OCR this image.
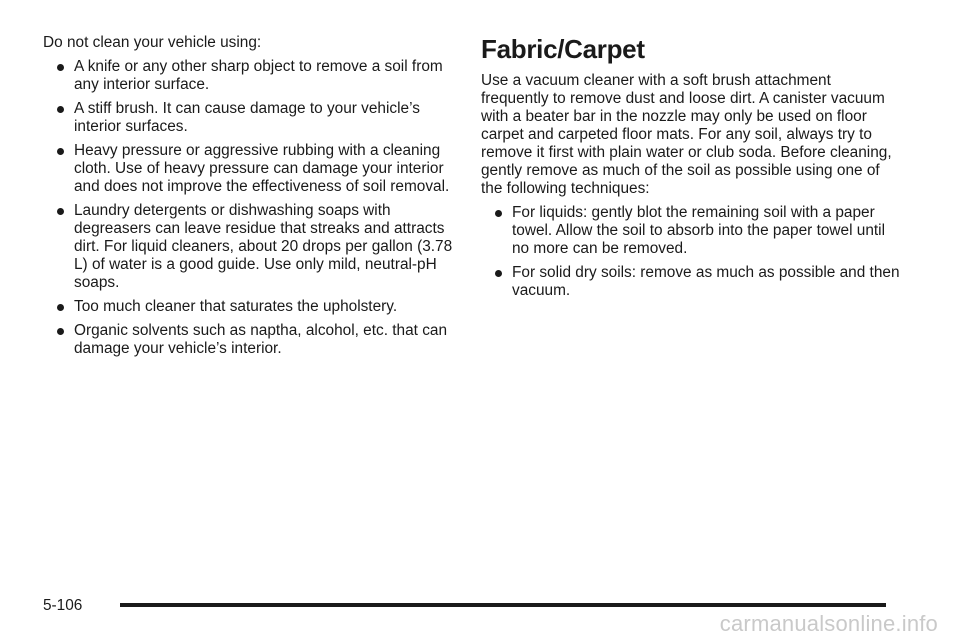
Do not clean your vehicle using:

A knife or any other sharp object to remove a soil from any interior surface.
A stiff brush. It can cause damage to your vehicle’s interior surfaces.
Heavy pressure or aggressive rubbing with a cleaning cloth. Use of heavy pressure can damage your interior and does not improve the effectiveness of soil removal.
Laundry detergents or dishwashing soaps with degreasers can leave residue that streaks and attracts dirt. For liquid cleaners, about 20 drops per gallon (3.78 L) of water is a good guide. Use only mild, neutral-pH soaps.
Too much cleaner that saturates the upholstery.
Organic solvents such as naptha, alcohol, etc. that can damage your vehicle’s interior.
Fabric/Carpet

Use a vacuum cleaner with a soft brush attachment frequently to remove dust and loose dirt. A canister vacuum with a beater bar in the nozzle may only be used on floor carpet and carpeted floor mats. For any soil, always try to remove it first with plain water or club soda. Before cleaning, gently remove as much of the soil as possible using one of the following techniques:

For liquids: gently blot the remaining soil with a paper towel. Allow the soil to absorb into the paper towel until no more can be removed.
For solid dry soils: remove as much as possible and then vacuum.
5-106
carmanualsonline.info
